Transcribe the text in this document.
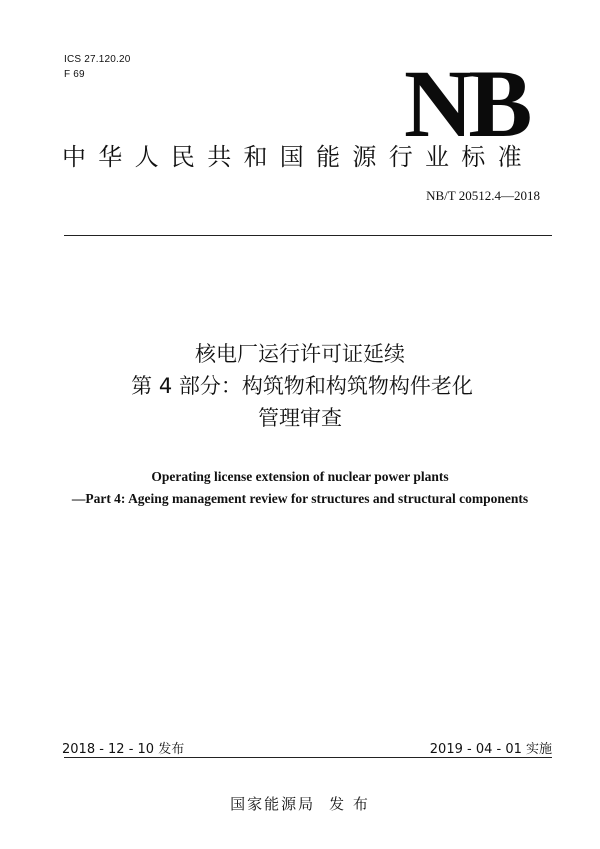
ICS 27.120.20
F 69	NB
中华人民共和国能源行业标准
NB/T 20512.4—2018
核电厂运行许可证延续
第 4 部分：构筑物和构筑物构件老化
管理审查
Operating license extension of nuclear power plants
—Part 4: Ageing management review for structures and structural components
2018 - 12 - 10 发布	2019 - 04 - 01 实施
国家能源局 发 布
